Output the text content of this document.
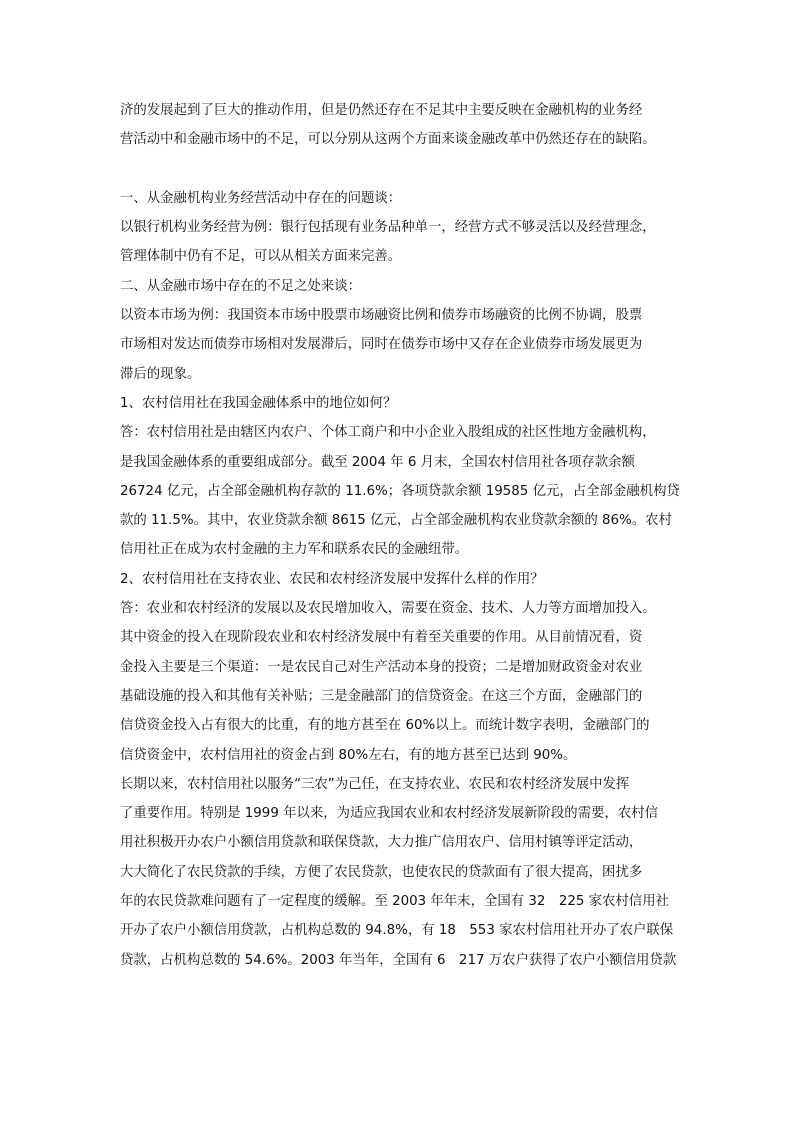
济的发展起到了巨大的推动作用，但是仍然还存在不足其中主要反映在金融机构的业务经
营活动中和金融市场中的不足，可以分别从这两个方面来谈金融改革中仍然还存在的缺陷。
一、从金融机构业务经营活动中存在的问题谈：
以银行机构业务经营为例：银行包括现有业务品种单一，经营方式不够灵活以及经营理念，
管理体制中仍有不足，可以从相关方面来完善。
二、从金融市场中存在的不足之处来谈：
以资本市场为例：我国资本市场中股票市场融资比例和债券市场融资的比例不协调，股票
市场相对发达而债券市场相对发展滞后，同时在债券市场中又存在企业债券市场发展更为
滞后的现象。
1、农村信用社在我国金融体系中的地位如何？
答：农村信用社是由辖区内农户、个体工商户和中小企业入股组成的社区性地方金融机构，
是我国金融体系的重要组成部分。截至 2004 年 6 月末，全国农村信用社各项存款余额
26724 亿元，占全部金融机构存款的 11.6%；各项贷款余额 19585 亿元，占全部金融机构贷
款的 11.5%。其中，农业贷款余额 8615 亿元，占全部金融机构农业贷款余额的 86%。农村
信用社正在成为农村金融的主力军和联系农民的金融纽带。
2、农村信用社在支持农业、农民和农村经济发展中发挥什么样的作用？
答：农业和农村经济的发展以及农民增加收入，需要在资金、技术、人力等方面增加投入。
其中资金的投入在现阶段农业和农村经济发展中有着至关重要的作用。从目前情况看，资
金投入主要是三个渠道：一是农民自己对生产活动本身的投资；二是增加财政资金对农业
基础设施的投入和其他有关补贴；三是金融部门的信贷资金。在这三个方面，金融部门的
信贷资金投入占有很大的比重，有的地方甚至在 60%以上。而统计数字表明，金融部门的
信贷资金中，农村信用社的资金占到 80%左右，有的地方甚至已达到 90%。
长期以来，农村信用社以服务“三农”为己任，在支持农业、农民和农村经济发展中发挥
了重要作用。特别是 1999 年以来，为适应我国农业和农村经济发展新阶段的需要，农村信
用社积极开办农户小额信用贷款和联保贷款，大力推广信用农户、信用村镇等评定活动，
大大简化了农民贷款的手续，方便了农民贷款，也使农民的贷款面有了很大提高，困扰多
年的农民贷款难问题有了一定程度的缓解。至 2003 年年末，全国有 32　225 家农村信用社
开办了农户小额信用贷款，占机构总数的 94.8%，有 18　553 家农村信用社开办了农户联保
贷款，占机构总数的 54.6%。2003 年当年，全国有 6　217 万农户获得了农户小额信用贷款
